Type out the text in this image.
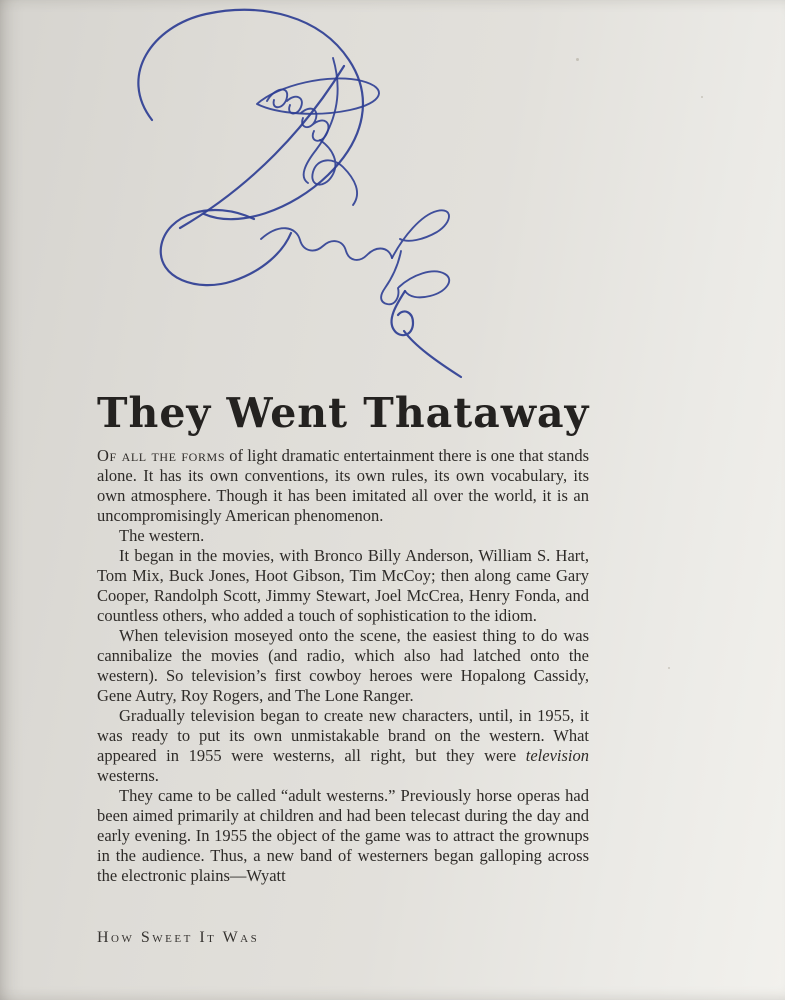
They Went Thataway

Of all the forms of light dramatic entertainment there is one that stands alone. It has its own conventions, its own rules, its own vocabulary, its own atmosphere. Though it has been imitated all over the world, it is an uncompromisingly American phenomenon.

The western.

It began in the movies, with Bronco Billy Anderson, William S. Hart, Tom Mix, Buck Jones, Hoot Gibson, Tim McCoy; then along came Gary Cooper, Randolph Scott, Jimmy Stewart, Joel McCrea, Henry Fonda, and countless others, who added a touch of sophistication to the idiom.

When television moseyed onto the scene, the easiest thing to do was cannibalize the movies (and radio, which also had latched onto the western). So television’s first cowboy heroes were Hopalong Cassidy, Gene Autry, Roy Rogers, and The Lone Ranger.

Gradually television began to create new characters, until, in 1955, it was ready to put its own unmistakable brand on the western. What appeared in 1955 were westerns, all right, but they were television westerns.

They came to be called “adult westerns.” Previously horse operas had been aimed primarily at children and had been telecast during the day and early evening. In 1955 the object of the game was to attract the grownups in the audience. Thus, a new band of westerners began galloping across the electronic plains—Wyatt

How Sweet It Was
